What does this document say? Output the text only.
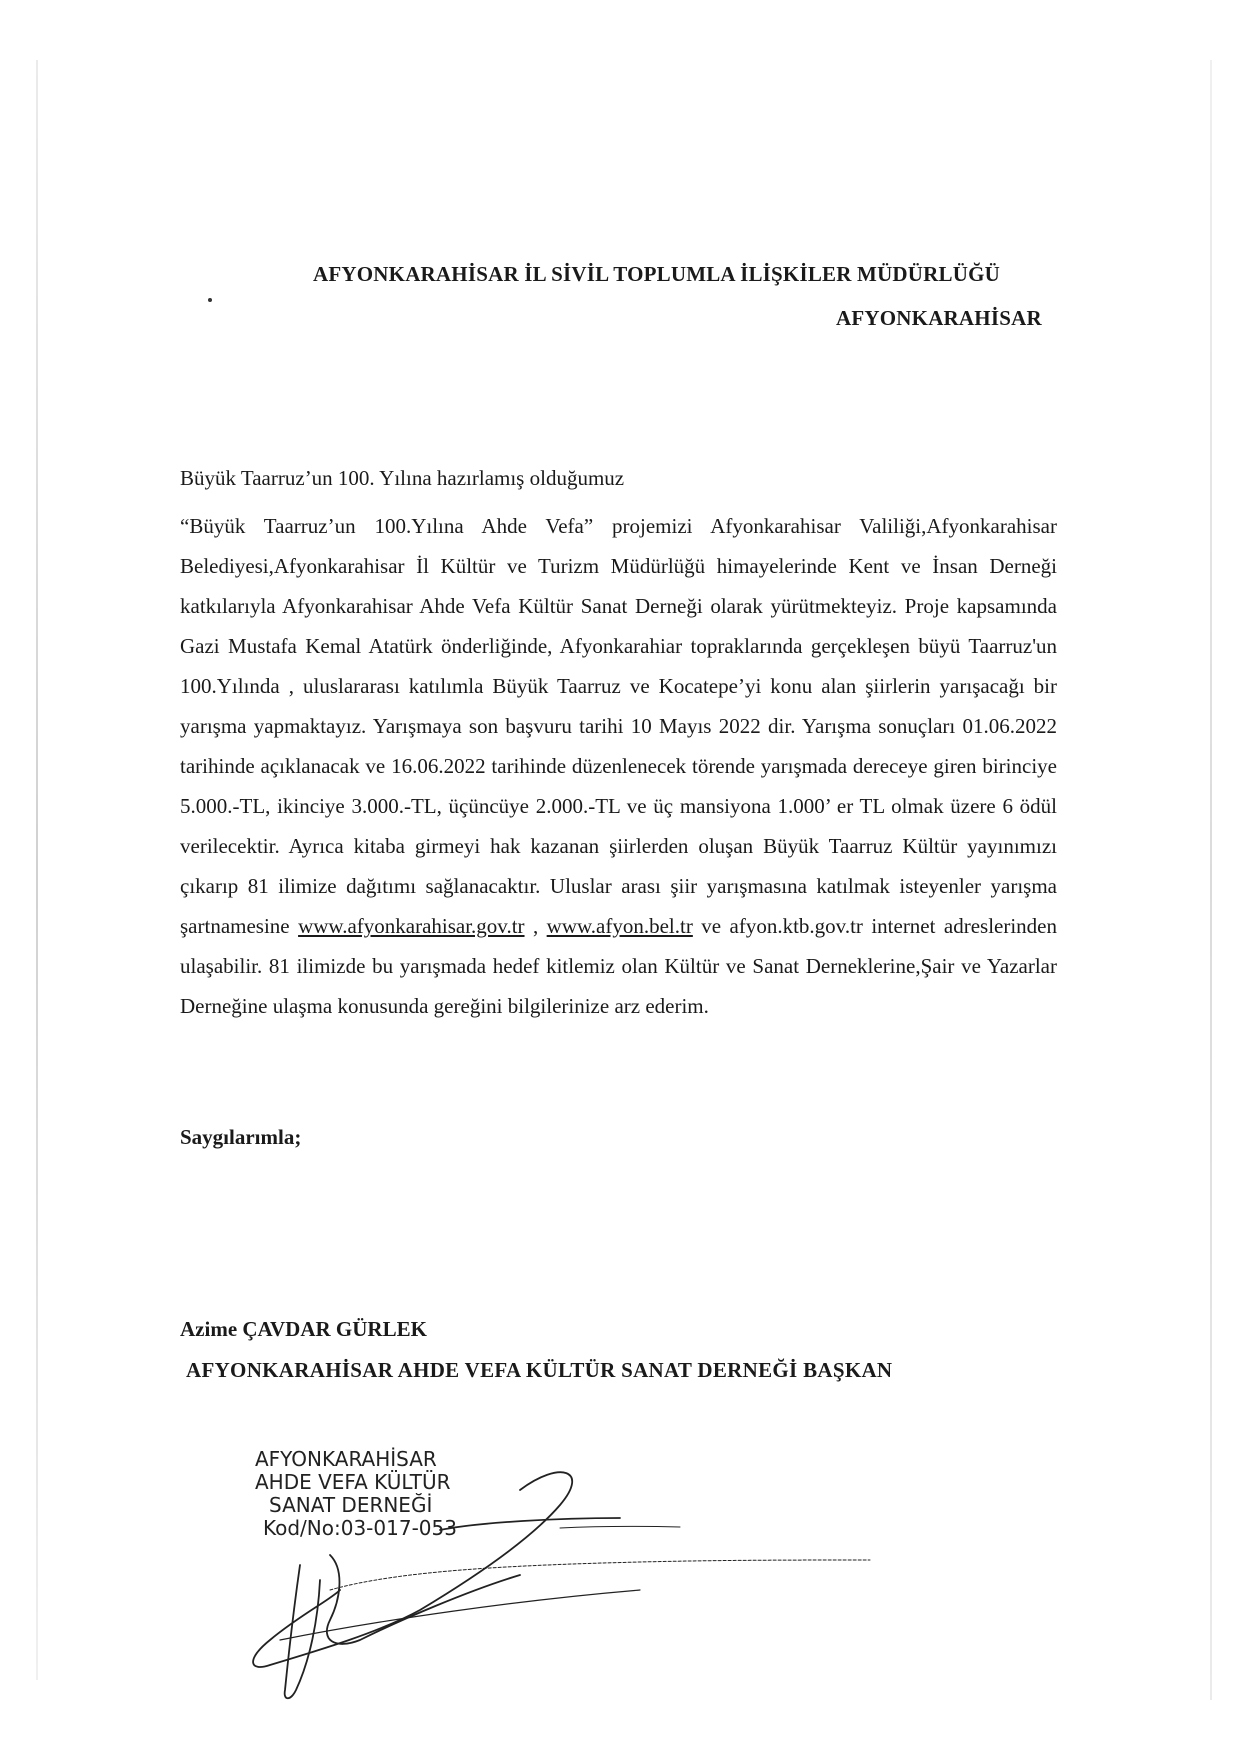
AFYONKARAHİSAR İL SİVİL TOPLUMLA İLİŞKİLER MÜDÜRLÜĞÜ
AFYONKARAHİSAR
Büyük Taarruz’un 100. Yılına hazırlamış olduğumuz
“Büyük Taarruz’un 100.Yılına Ahde Vefa” projemizi Afyonkarahisar Valiliği,Afyonkarahisar Belediyesi,Afyonkarahisar İl Kültür ve Turizm Müdürlüğü himayelerinde Kent ve İnsan Derneği katkılarıyla Afyonkarahisar Ahde Vefa Kültür Sanat Derneği olarak yürütmekteyiz. Proje kapsamında Gazi Mustafa Kemal Atatürk önderliğinde, Afyonkarahiar topraklarında gerçekleşen büyü Taarruz'un 100.Yılında , uluslararası katılımla Büyük Taarruz ve Kocatepe’yi konu alan şiirlerin yarışacağı bir yarışma yapmaktayız. Yarışmaya son başvuru tarihi 10 Mayıs 2022 dir. Yarışma sonuçları 01.06.2022 tarihinde açıklanacak ve 16.06.2022 tarihinde düzenlenecek törende yarışmada dereceye giren birinciye 5.000.-TL, ikinciye 3.000.-TL, üçüncüye 2.000.-TL ve üç mansiyona 1.000’ er TL olmak üzere 6 ödül verilecektir. Ayrıca kitaba girmeyi hak kazanan şiirlerden oluşan Büyük Taarruz Kültür yayınımızı çıkarıp 81 ilimize dağıtımı sağlanacaktır. Uluslar arası şiir yarışmasına katılmak isteyenler yarışma şartnamesine www.afyonkarahisar.gov.tr , www.afyon.bel.tr ve afyon.ktb.gov.tr internet adreslerinden ulaşabilir. 81 ilimizde bu yarışmada hedef kitlemiz olan Kültür ve Sanat Derneklerine,Şair ve Yazarlar Derneğine ulaşma konusunda gereğini bilgilerinize arz ederim.
Saygılarımla;
Azime ÇAVDAR GÜRLEK
AFYONKARAHİSAR AHDE VEFA KÜLTÜR SANAT DERNEĞİ BAŞKAN
AFYONKARAHİSAR
AHDE VEFA KÜLTÜR
SANAT DERNEĞİ
Kod/No:03-017-053
